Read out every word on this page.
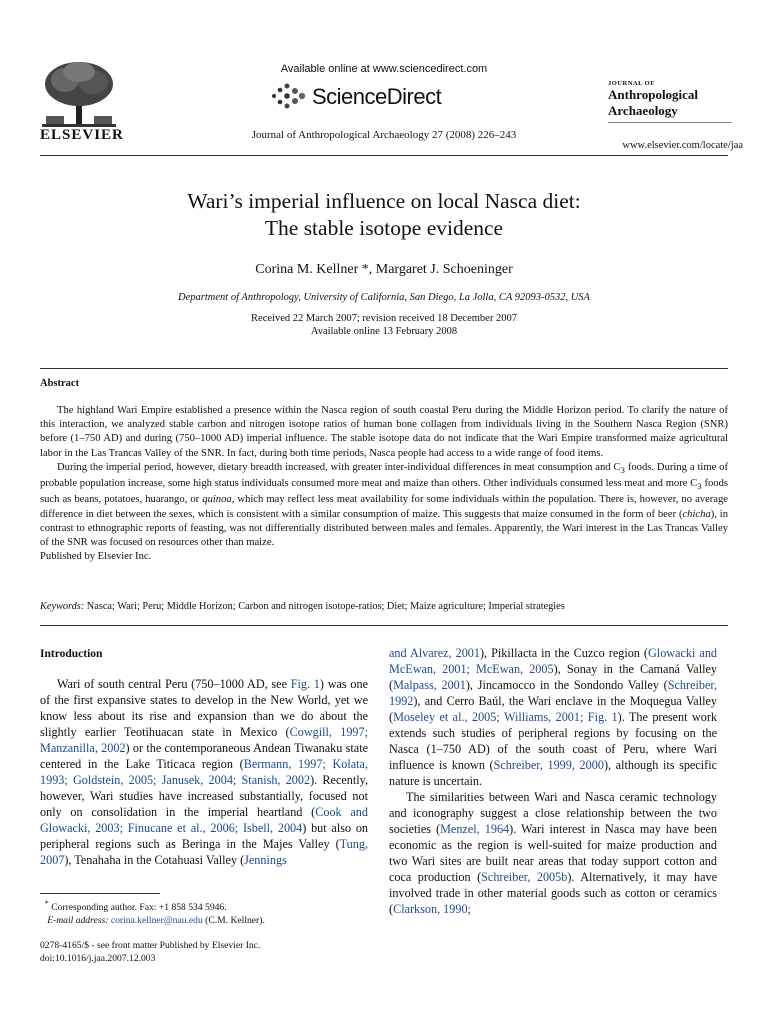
ELSEVIER
Available online at www.sciencedirect.com
ScienceDirect
Journal of Anthropological Archaeology 27 (2008) 226–243
JOURNAL OF
Anthropological
Archaeology
www.elsevier.com/locate/jaa
Wari’s imperial influence on local Nasca diet:
The stable isotope evidence
Corina M. Kellner *, Margaret J. Schoeninger
Department of Anthropology, University of California, San Diego, La Jolla, CA 92093-0532, USA
Received 22 March 2007; revision received 18 December 2007
Available online 13 February 2008
Abstract

The highland Wari Empire established a presence within the Nasca region of south coastal Peru during the Middle Horizon period. To clarify the nature of this interaction, we analyzed stable carbon and nitrogen isotope ratios of human bone collagen from individuals living in the Southern Nasca Region (SNR) before (1–750 AD) and during (750–1000 AD) imperial influence. The stable isotope data do not indicate that the Wari Empire transformed maize agricultural labor in the Las Trancas Valley of the SNR. In fact, during both time periods, Nasca people had access to a wide range of food items.

During the imperial period, however, dietary breadth increased, with greater inter-individual differences in meat consumption and $C_3$ foods. During a time of probable population increase, some high status individuals consumed more meat and maize than others. Other individuals consumed less meat and more $C_3$ foods such as beans, potatoes, huarango, or quinoa, which may reflect less meat availability for some individuals within the population. There is, however, no average difference in diet between the sexes, which is consistent with a similar consumption of maize. This suggests that maize consumed in the form of beer (chicha), in contrast to ethnographic reports of feasting, was not differentially distributed between males and females. Apparently, the Wari interest in the Las Trancas Valley of the SNR was focused on resources other than maize.

Published by Elsevier Inc.

Keywords: Nasca; Wari; Peru; Middle Horizon; Carbon and nitrogen isotope-ratios; Diet; Maize agriculture; Imperial strategies
Introduction

Wari of south central Peru (750–1000 AD, see Fig. 1) was one of the first expansive states to develop in the New World, yet we know less about its rise and expansion than we do about the slightly earlier Teotihuacan state in Mexico (Cowgill, 1997; Manzanilla, 2002) or the contemporaneous Andean Tiwanaku state centered in the Lake Titicaca region (Bermann, 1997; Kolata, 1993; Goldstein, 2005; Janusek, 2004; Stanish, 2002). Recently, however, Wari studies have increased substantially, focused not only on consolidation in the imperial heartland (Cook and Glowacki, 2003; Finucane et al., 2006; Isbell, 2004) but also on peripheral regions such as Beringa in the Majes Valley (Tung, 2007), Tenahaha in the Cotahuasi Valley (Jennings

and Alvarez, 2001), Pikillacta in the Cuzco region (Glowacki and McEwan, 2001; McEwan, 2005), Sonay in the Camaná Valley (Malpass, 2001), Jincamocco in the Sondondo Valley (Schreiber, 1992), and Cerro Baúl, the Wari enclave in the Moquegua Valley (Moseley et al., 2005; Williams, 2001; Fig. 1). The present work extends such studies of peripheral regions by focusing on the Nasca (1–750 AD) of the south coast of Peru, where Wari influence is known (Schreiber, 1999, 2000), although its specific nature is uncertain.

The similarities between Wari and Nasca ceramic technology and iconography suggest a close relationship between the two societies (Menzel, 1964). Wari interest in Nasca may have been economic as the region is well-suited for maize production and two Wari sites are built near areas that today support cotton and coca production (Schreiber, 2005b). Alternatively, it may have involved trade in other material goods such as cotton or ceramics (Clarkson, 1990;

* Corresponding author. Fax: +1 858 534 5946.
E-mail address: corina.kellner@nau.edu (C.M. Kellner).
0278-4165/$ - see front matter Published by Elsevier Inc.
doi:10.1016/j.jaa.2007.12.003
